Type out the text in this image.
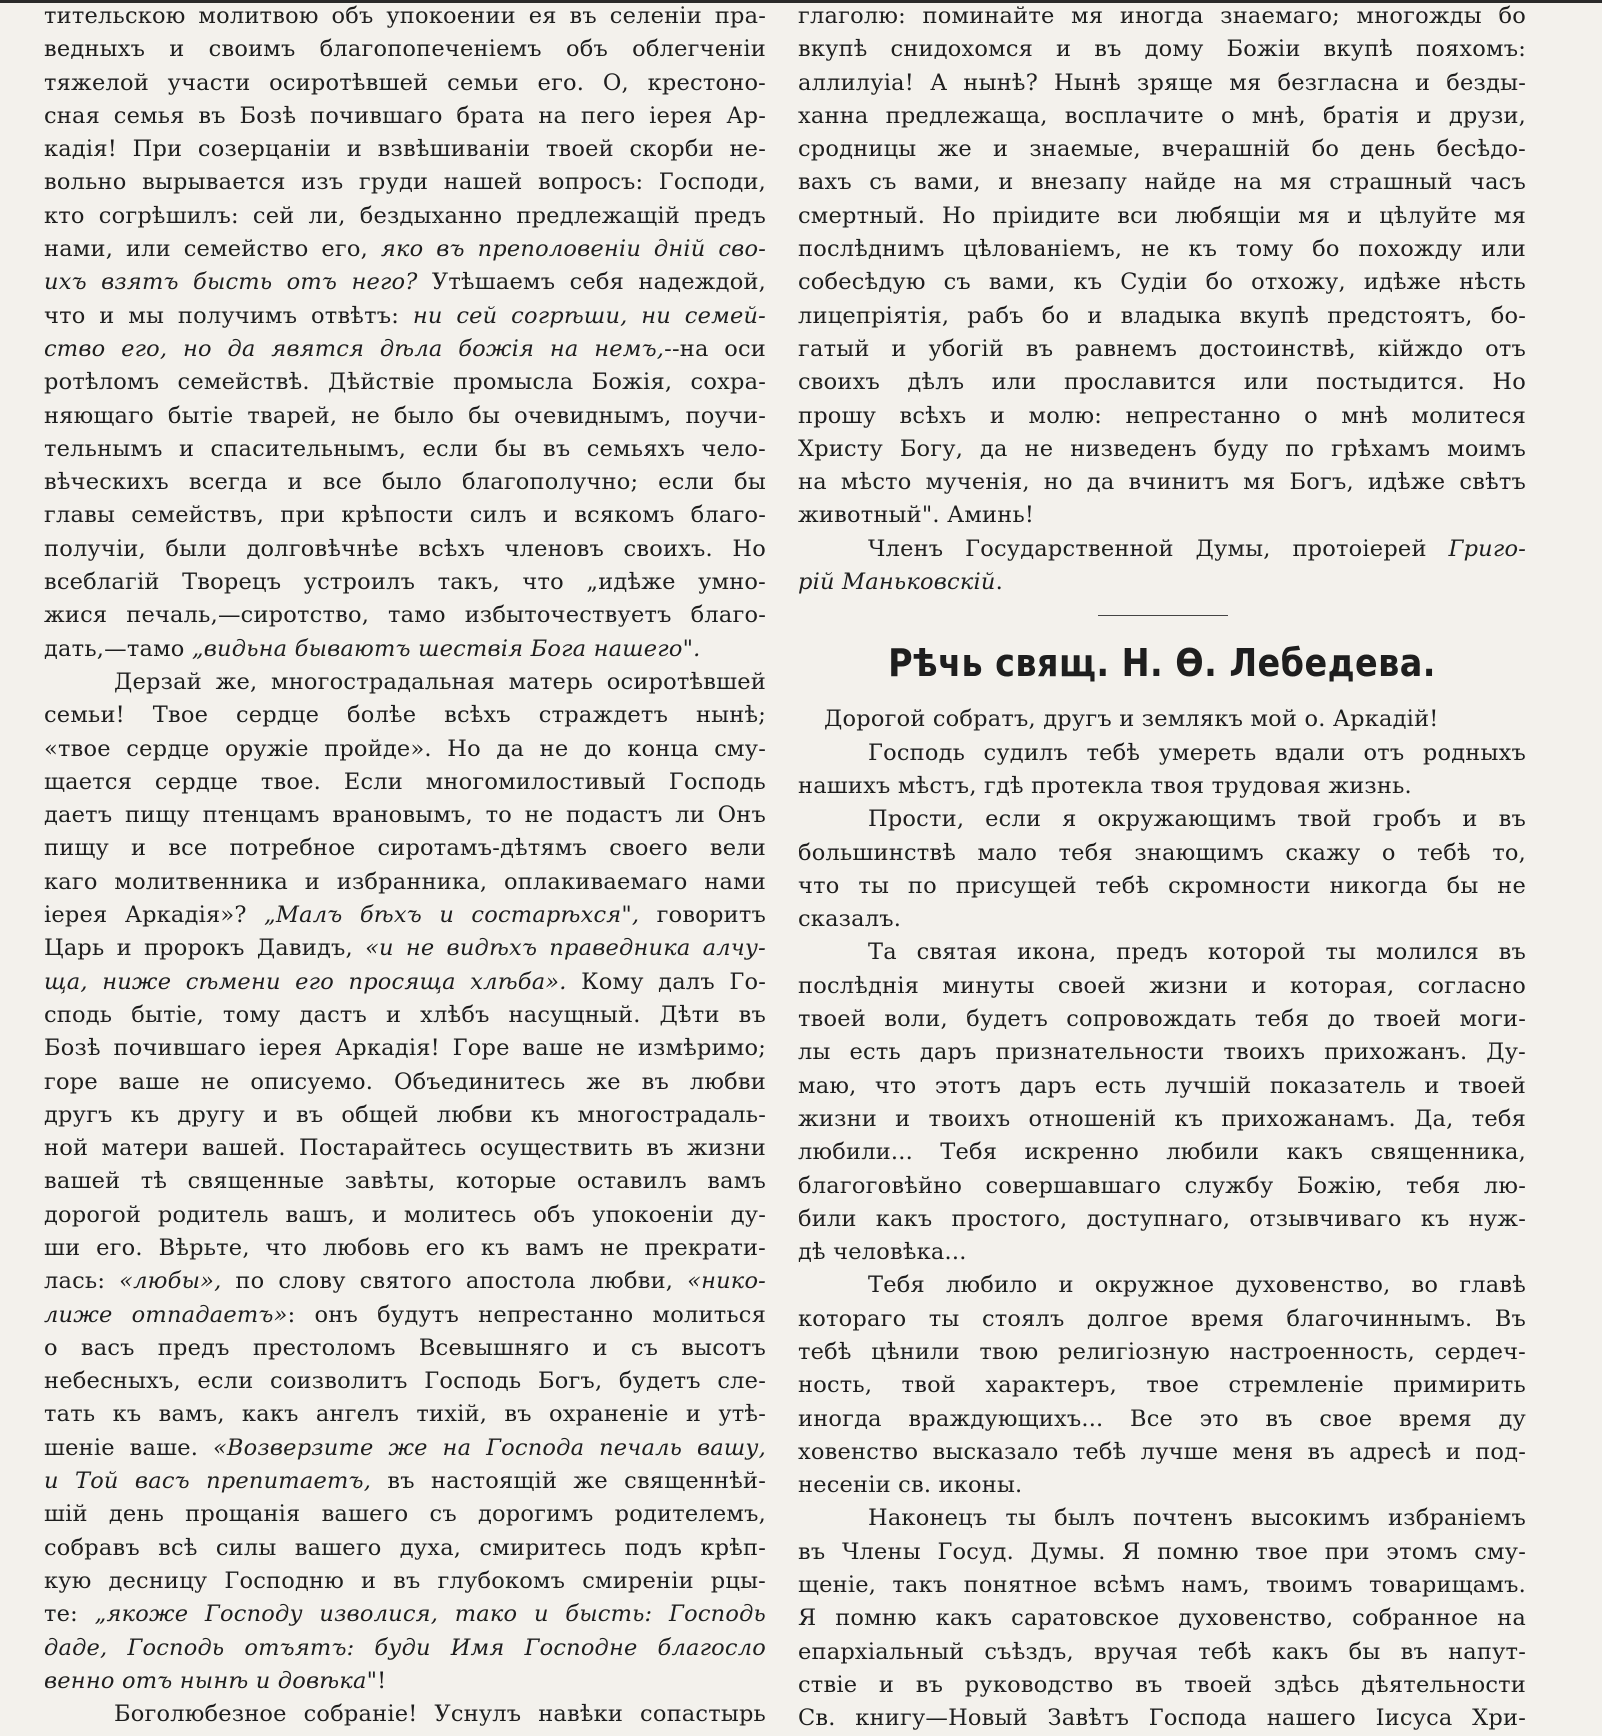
тительскою молитвою объ упокоении ея въ селеніи пра-
ведныхъ и своимъ благопопеченіемъ объ облегченіи
тяжелой участи осиротѣвшей семьи его. О, крестоно-
сная семья въ Бозѣ почившаго брата на пего іерея Ар-
кадія! При созерцаніи и взвѣшиваніи твоей скорби не-
вольно вырывается изъ груди нашей вопросъ: Господи,
кто согрѣшилъ: сей ли, бездыханно предлежащій предъ
нами, или семейство его, яко въ преполовеніи дній сво-
ихъ взятъ бысть отъ него? Утѣшаемъ себя надеждой,
что и мы получимъ отвѣтъ: ни сей согрѣши, ни семей-
ство его, но да явятся дѣла божія на немъ,--на оси
ротѣломъ семействѣ. Дѣйствіе промысла Божія, сохра-
няющаго бытіе тварей, не было бы очевиднымъ, поучи-
тельнымъ и спасительнымъ, если бы въ семьяхъ чело-
вѣческихъ всегда и все было благополучно; если бы
главы семействъ, при крѣпости силъ и всякомъ благо-
получіи, были долговѣчнѣе всѣхъ членовъ своихъ. Но
всеблагій Творецъ устроилъ такъ, что „идѣже умно-
жися печаль,—сиротство, тамо избыточествуетъ благо-
дать,—тамо „видьна бываютъ шествія Бога нашего".
Дерзай же, многострадальная матерь осиротѣвшей
семьи! Твое сердце болѣе всѣхъ страждетъ нынѣ;
«твое сердце оружіе пройде». Но да не до конца сму-
щается сердце твое. Если многомилостивый Господь
даетъ пищу птенцамъ врановымъ, то не подастъ ли Онъ
пищу и все потребное сиротамъ-дѣтямъ своего вели
каго молитвенника и избранника, оплакиваемаго нами
іерея Аркадія»? „Малъ бѣхъ и состарѣхся", говоритъ
Царь и пророкъ Давидъ, «и не видѣхъ праведника алчу-
ща, ниже сѣмени его просяща хлѣба». Кому далъ Го-
сподь бытіе, тому дастъ и хлѣбъ насущный. Дѣти въ
Бозѣ почившаго іерея Аркадія! Горе ваше не измѣримо;
горе ваше не описуемо. Объединитесь же въ любви
другъ къ другу и въ общей любви къ многострадаль-
ной матери вашей. Постарайтесь осуществить въ жизни
вашей тѣ священные завѣты, которые оставилъ вамъ
дорогой родитель вашъ, и молитесь объ упокоеніи ду-
ши его. Вѣрьте, что любовь его къ вамъ не прекрати-
лась: «любы», по слову святого апостола любви, «нико-
лиже отпадаетъ»: онъ будутъ непрестанно молиться
о васъ предъ престоломъ Всевышняго и съ высотъ
небесныхъ, если соизволитъ Господь Богъ, будетъ сле-
тать къ вамъ, какъ ангелъ тихій, въ охраненіе и утѣ-
шеніе ваше. «Возверзите же на Господа печаль вашу,
и Той васъ препитаетъ, въ настоящій же священнѣй-
шій день прощанія вашего съ дорогимъ родителемъ,
собравъ всѣ силы вашего духа, смиритесь подъ крѣп-
кую десницу Господню и въ глубокомъ смиреніи рцы-
те: „якоже Господу изволися, тако и бысть: Господь
даде, Господь отъятъ: буди Имя Господне благосло
венно отъ нынѣ и довѣка"!
Боголюбезное собраніе! Уснулъ навѣки сопастырь
глаголю: поминайте мя иногда знаемаго; многожды бо
вкупѣ снидохомся и въ дому Божіи вкупѣ пояхомъ:
аллилуіа! А нынѣ? Нынѣ зряще мя безгласна и безды-
ханна предлежаща, восплачите о мнѣ, братія и друзи,
сродницы же и знаемые, вчерашній бо день бесѣдо-
вахъ съ вами, и внезапу найде на мя страшный часъ
смертный. Но пріидите вси любящіи мя и цѣлуйте мя
послѣднимъ цѣлованіемъ, не къ тому бо похожду или
собесѣдую съ вами, къ Судіи бо отхожу, идѣже нѣсть
лицепріятія, рабъ бо и владыка вкупѣ предстоятъ, бо-
гатый и убогій въ равнемъ достоинствѣ, кійждо отъ
своихъ дѣлъ или прославится или постыдится. Но
прошу всѣхъ и молю: непрестанно о мнѣ молитеся
Христу Богу, да не низведенъ буду по грѣхамъ моимъ
на мѣсто мученія, но да вчинитъ мя Богъ, идѣже свѣтъ
животный". Аминь!
Членъ Государственной Думы, протоіерей Григо-
рій Маньковскій.
Рѣчь свящ. Н. Ѳ. Лебедева.
Дорогой собратъ, другъ и землякъ мой о. Аркадій!
Господь судилъ тебѣ умереть вдали отъ родныхъ
нашихъ мѣстъ, гдѣ протекла твоя трудовая жизнь.
Прости, если я окружающимъ твой гробъ и въ
большинствѣ мало тебя знающимъ скажу о тебѣ то,
что ты по присущей тебѣ скромности никогда бы не
сказалъ.
Та святая икона, предъ которой ты молился въ
послѣднія минуты своей жизни и которая, согласно
твоей воли, будетъ сопровождать тебя до твоей моги-
лы есть даръ признательности твоихъ прихожанъ. Ду-
маю, что этотъ даръ есть лучшій показатель и твоей
жизни и твоихъ отношеній къ прихожанамъ. Да, тебя
любили... Тебя искренно любили какъ священника,
благоговѣйно совершавшаго службу Божію, тебя лю-
били какъ простого, доступнаго, отзывчиваго къ нуж-
дѣ человѣка...
Тебя любило и окружное духовенство, во главѣ
котораго ты стоялъ долгое время благочиннымъ. Въ
тебѣ цѣнили твою религіозную настроенность, сердеч-
ность, твой характеръ, твое стремленіе примирить
иногда враждующихъ... Все это въ свое время ду
ховенство высказало тебѣ лучше меня въ адресѣ и под-
несеніи св. иконы.
Наконецъ ты былъ почтенъ высокимъ избраніемъ
въ Члены Госуд. Думы. Я помню твое при этомъ сму-
щеніе, такъ понятное всѣмъ намъ, твоимъ товарищамъ.
Я помню какъ саратовское духовенство, собранное на
епархіальный съѣздъ, вручая тебѣ какъ бы въ напут-
ствіе и въ руководство въ твоей здѣсь дѣятельности
Св. книгу—Новый Завѣтъ Господа нашего Іисуса Хри-
